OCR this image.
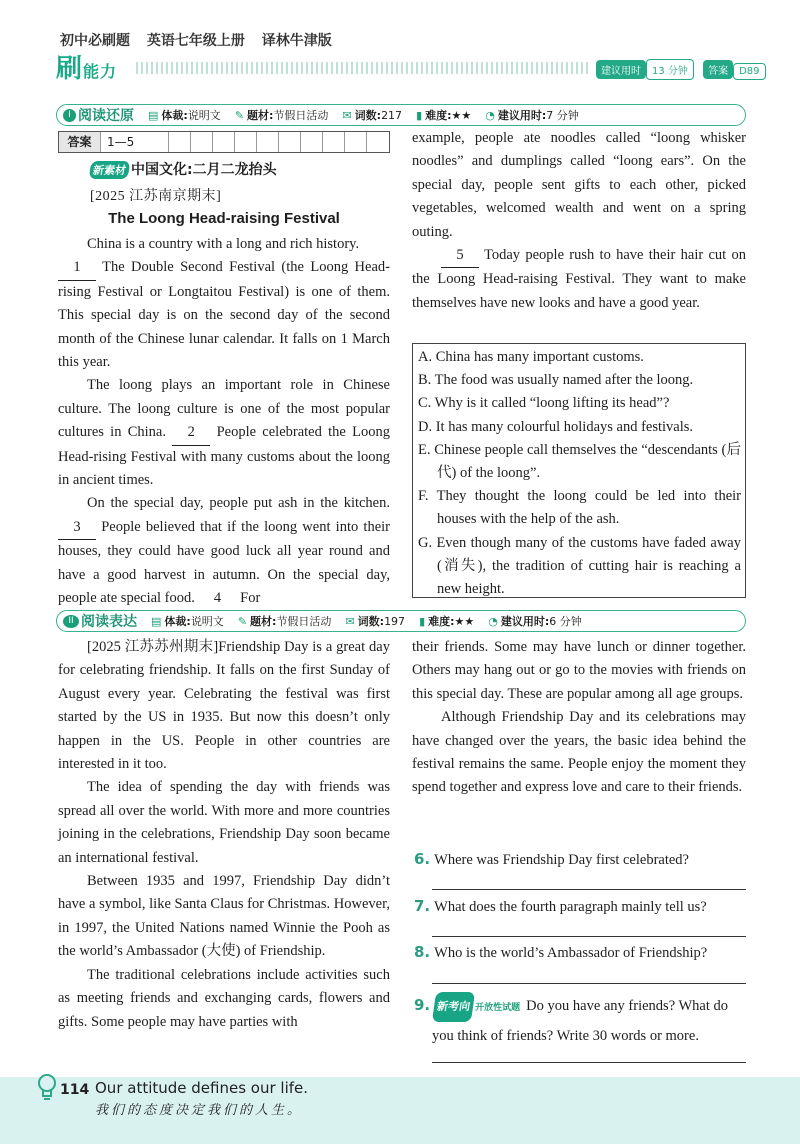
初中必刷题 英语七年级上册 译林牛津版
刷能力	建议用时 13 分钟 答案 D89
I 阅读还原 ▤ 体裁:说明文 ✎ 题材:节假日活动 ✉ 词数:217 ▮ 难度:★★ ◔ 建议用时:7 分钟
答案	1—5
新素材 中国文化:二月二龙抬头
[2025 江苏南京期末]
The Loong Head-raising Festival

China is a country with a long and rich history.

1 The Double Second Festival (the Loong Head-rising Festival or Longtaitou Festival) is one of them. This special day is on the second day of the second month of the Chinese lunar calendar. It falls on 1 March this year.

The loong plays an important role in Chinese culture. The loong culture is one of the most popular cultures in China. 2 People celebrated the Loong Head-rising Festival with many customs about the loong in ancient times.

On the special day, people put ash in the kitchen. 3 People believed that if the loong went into their houses, they could have good luck all year round and have a good harvest in autumn. On the special day, people ate special food. 4 For

example, people ate noodles called “loong whisker noodles” and dumplings called “loong ears”. On the special day, people sent gifts to each other, picked vegetables, welcomed wealth and went on a spring outing.

5 Today people rush to have their hair cut on the Loong Head-raising Festival. They want to make themselves have new looks and have a good year.

A. China has many important customs.

B. The food was usually named after the loong.

C. Why is it called “loong lifting its head”?

D. It has many colourful holidays and festivals.

E. Chinese people call themselves the “descendants (后代) of the loong”.

F. They thought the loong could be led into their houses with the help of the ash.

G. Even though many of the customs have faded away (消失), the tradition of cutting hair is reaching a new height.

II 阅读表达 ▤ 体裁:说明文 ✎ 题材:节假日活动 ✉ 词数:197 ▮ 难度:★★ ◔ 建议用时:6 分钟

[2025 江苏苏州期末]Friendship Day is a great day for celebrating friendship. It falls on the first Sunday of August every year. Celebrating the festival was first started by the US in 1935. But now this doesn’t only happen in the US. People in other countries are interested in it too.

The idea of spending the day with friends was spread all over the world. With more and more countries joining in the celebrations, Friendship Day soon became an international festival.

Between 1935 and 1997, Friendship Day didn’t have a symbol, like Santa Claus for Christmas. However, in 1997, the United Nations named Winnie the Pooh as the world’s Ambassador (大使) of Friendship.

The traditional celebrations include activities such as meeting friends and exchanging cards, flowers and gifts. Some people may have parties with

their friends. Some may have lunch or dinner together. Others may hang out or go to the movies with friends on this special day. These are popular among all age groups.

Although Friendship Day and its celebrations may have changed over the years, the basic idea behind the festival remains the same. People enjoy the moment they spend together and express love and care to their friends.

6. Where was Friendship Day first celebrated?
7. What does the fourth paragraph mainly tell us?
8. Who is the world’s Ambassador of Friendship?
9. 新考向 开放性试题 Do you have any friends? What do you think of friends? Write 30 words or more.
114 Our attitude defines our life.
我们的态度决定我们的人生。
